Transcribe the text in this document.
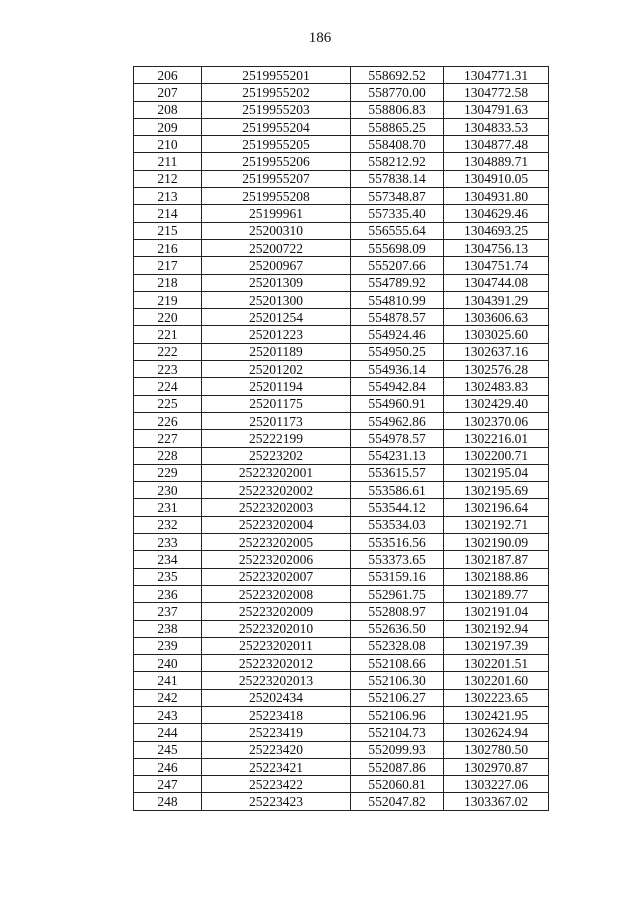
186
206	2519955201	558692.52	1304771.31
207	2519955202	558770.00	1304772.58
208	2519955203	558806.83	1304791.63
209	2519955204	558865.25	1304833.53
210	2519955205	558408.70	1304877.48
211	2519955206	558212.92	1304889.71
212	2519955207	557838.14	1304910.05
213	2519955208	557348.87	1304931.80
214	25199961	557335.40	1304629.46
215	25200310	556555.64	1304693.25
216	25200722	555698.09	1304756.13
217	25200967	555207.66	1304751.74
218	25201309	554789.92	1304744.08
219	25201300	554810.99	1304391.29
220	25201254	554878.57	1303606.63
221	25201223	554924.46	1303025.60
222	25201189	554950.25	1302637.16
223	25201202	554936.14	1302576.28
224	25201194	554942.84	1302483.83
225	25201175	554960.91	1302429.40
226	25201173	554962.86	1302370.06
227	25222199	554978.57	1302216.01
228	25223202	554231.13	1302200.71
229	25223202001	553615.57	1302195.04
230	25223202002	553586.61	1302195.69
231	25223202003	553544.12	1302196.64
232	25223202004	553534.03	1302192.71
233	25223202005	553516.56	1302190.09
234	25223202006	553373.65	1302187.87
235	25223202007	553159.16	1302188.86
236	25223202008	552961.75	1302189.77
237	25223202009	552808.97	1302191.04
238	25223202010	552636.50	1302192.94
239	25223202011	552328.08	1302197.39
240	25223202012	552108.66	1302201.51
241	25223202013	552106.30	1302201.60
242	25202434	552106.27	1302223.65
243	25223418	552106.96	1302421.95
244	25223419	552104.73	1302624.94
245	25223420	552099.93	1302780.50
246	25223421	552087.86	1302970.87
247	25223422	552060.81	1303227.06
248	25223423	552047.82	1303367.02
